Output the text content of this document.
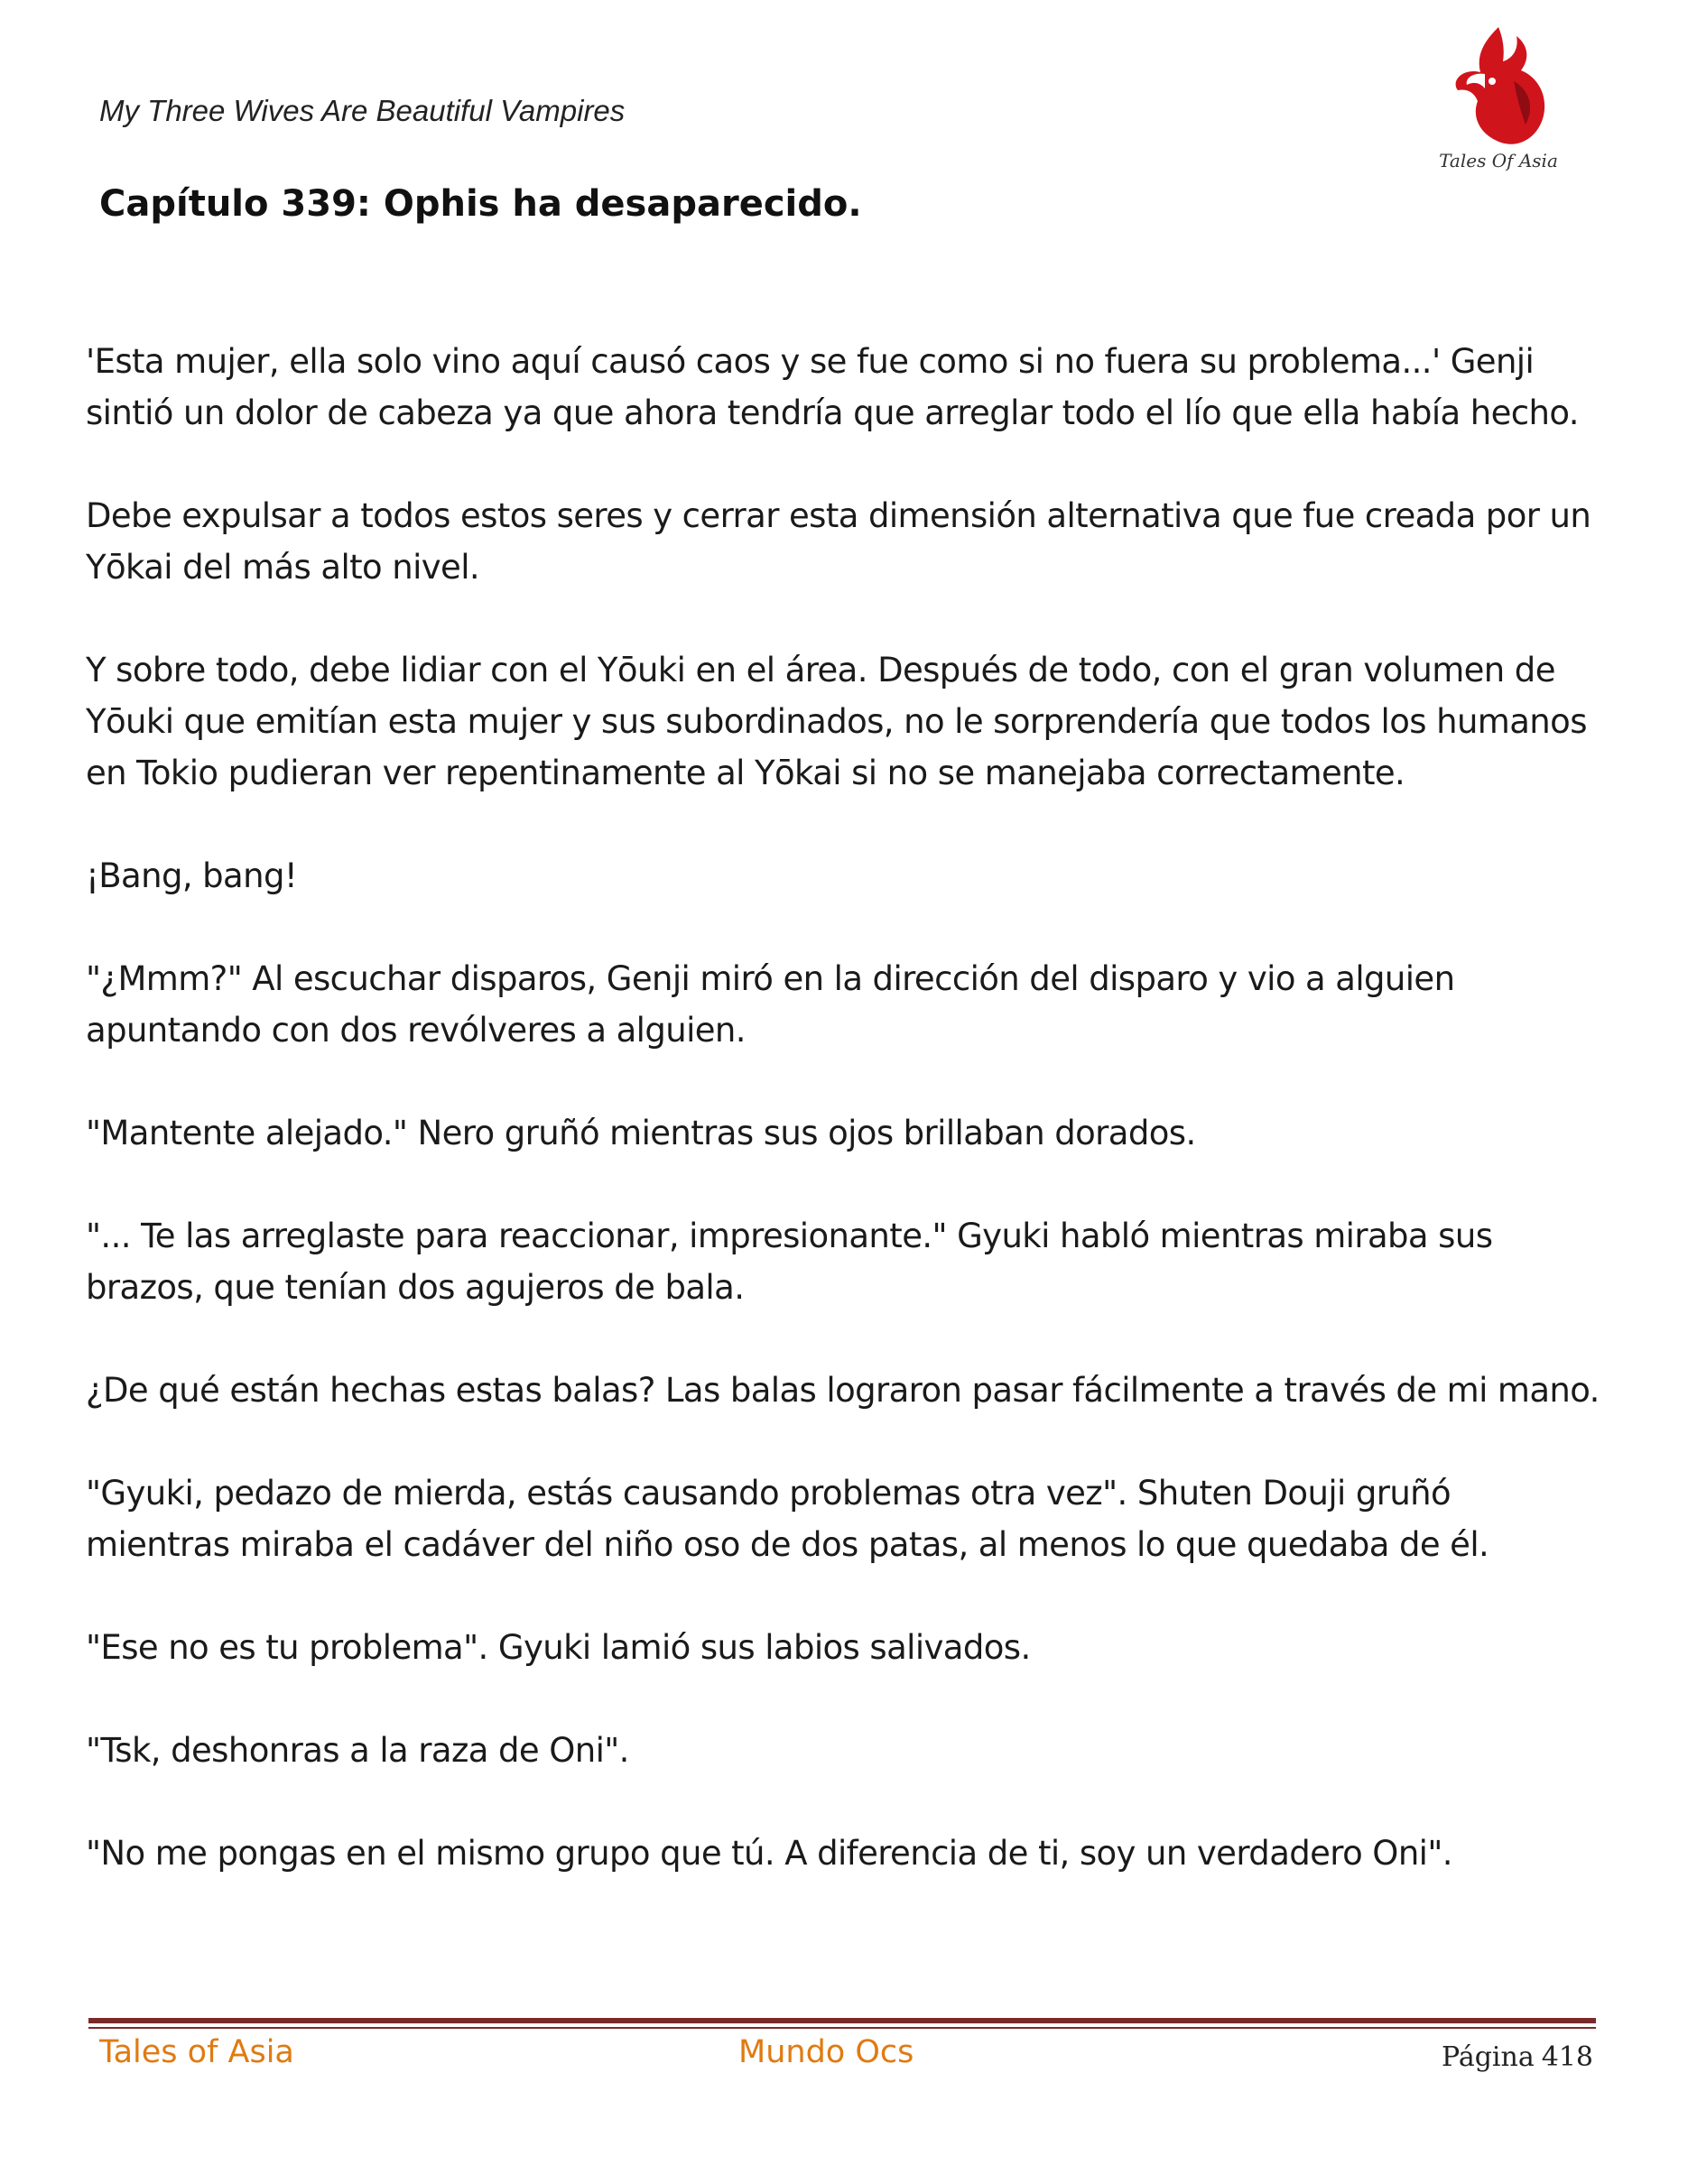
My Three Wives Are Beautiful Vampires
Tales Of Asia
Capítulo 339: Ophis ha desaparecido.

'Esta mujer, ella solo vino aquí causó caos y se fue como si no fuera su problema...' Genji sintió un dolor de cabeza ya que ahora tendría que arreglar todo el lío que ella había hecho.

Debe expulsar a todos estos seres y cerrar esta dimensión alternativa que fue creada por un Yōkai del más alto nivel.

Y sobre todo, debe lidiar con el Yōuki en el área. Después de todo, con el gran volumen de Yōuki que emitían esta mujer y sus subordinados, no le sorprendería que todos los humanos en Tokio pudieran ver repentinamente al Yōkai si no se manejaba correctamente.

¡Bang, bang!

"¿Mmm?" Al escuchar disparos, Genji miró en la dirección del disparo y vio a alguien apuntando con dos revólveres a alguien.

"Mantente alejado." Nero gruñó mientras sus ojos brillaban dorados.

"... Te las arreglaste para reaccionar, impresionante." Gyuki habló mientras miraba sus brazos, que tenían dos agujeros de bala.

¿De qué están hechas estas balas? Las balas lograron pasar fácilmente a través de mi mano.

"Gyuki, pedazo de mierda, estás causando problemas otra vez". Shuten Douji gruñó mientras miraba el cadáver del niño oso de dos patas, al menos lo que quedaba de él.

"Ese no es tu problema". Gyuki lamió sus labios salivados.

"Tsk, deshonras a la raza de Oni".

"No me pongas en el mismo grupo que tú. A diferencia de ti, soy un verdadero Oni".

Tales of Asia	Mundo Ocs	Página 418
